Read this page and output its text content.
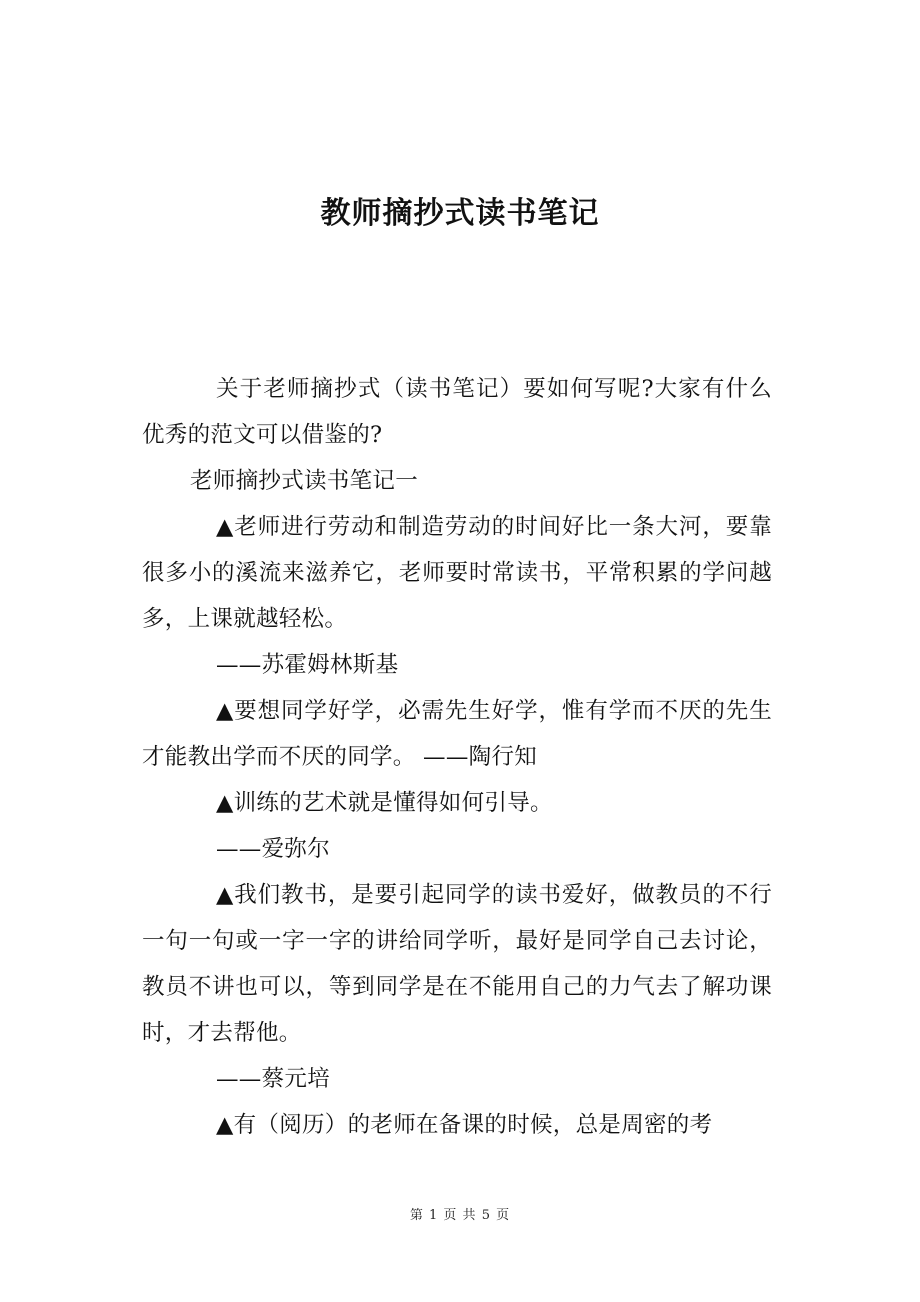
教师摘抄式读书笔记

关于老师摘抄式（读书笔记）要如何写呢?大家有什么优秀的范文可以借鉴的?

老师摘抄式读书笔记一

▲老师进行劳动和制造劳动的时间好比一条大河，要靠很多小的溪流来滋养它，老师要时常读书，平常积累的学问越多，上课就越轻松。

——苏霍姆林斯基

▲要想同学好学，必需先生好学，惟有学而不厌的先生才能教出学而不厌的同学。 ——陶行知

▲训练的艺术就是懂得如何引导。

——爱弥尔

▲我们教书，是要引起同学的读书爱好，做教员的不行一句一句或一字一字的讲给同学听，最好是同学自己去讨论，教员不讲也可以，等到同学是在不能用自己的力气去了解功课时，才去帮他。

——蔡元培

▲有（阅历）的老师在备课的时候，总是周密的考

第 1 页 共 5 页
